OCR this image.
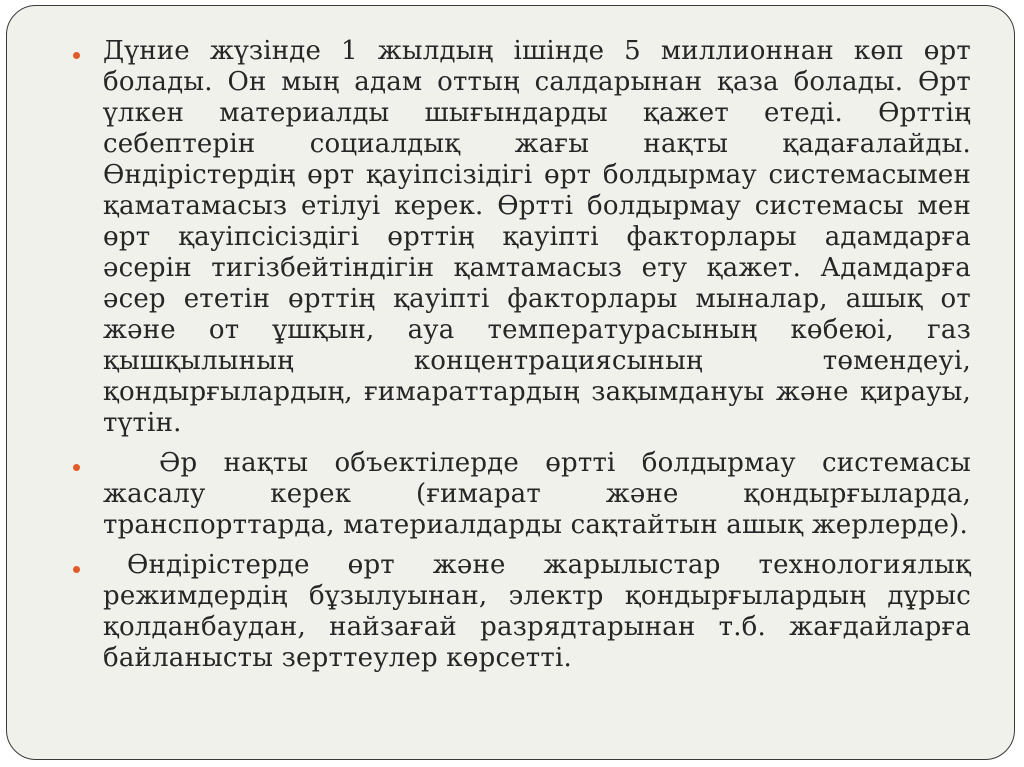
Дүние жүзінде 1 жылдың ішінде 5 миллионнан көп өрт болады. Он мың адам оттың салдарынан қаза болады. Өрт үлкен материалды шығындарды қажет етеді. Өрттің себептерін социалдық жағы нақты қадағалайды. Өндірістердің өрт қауіпсізідігі өрт болдырмау системасымен қаматамасыз етілуі керек. Өртті болдырмау системасы мен өрт қауіпсісіздігі өрттің қауіпті факторлары адамдарға әсерін тигізбейтіндігін қамтамасыз ету қажет. Адамдарға әсер ететін өрттің қауіпті факторлары мыналар, ашық от және от ұшқын, ауа температурасының көбеюі, газ қышқылының концентрациясының төмендеуі, қондырғылардың, ғимараттардың зақымдануы және қирауы, түтін.
Әр нақты объектілерде өртті болдырмау системасы жасалу керек (ғимарат және қондырғыларда, транспорттарда, материалдарды сақтайтын ашық жерлерде).
Өндірістерде өрт және жарылыстар технологиялық режимдердің бұзылуынан, электр қондырғылардың дұрыс қолданбаудан, найзағай разрядтарынан т.б. жағдайларға байланысты зерттеулер көрсетті.
